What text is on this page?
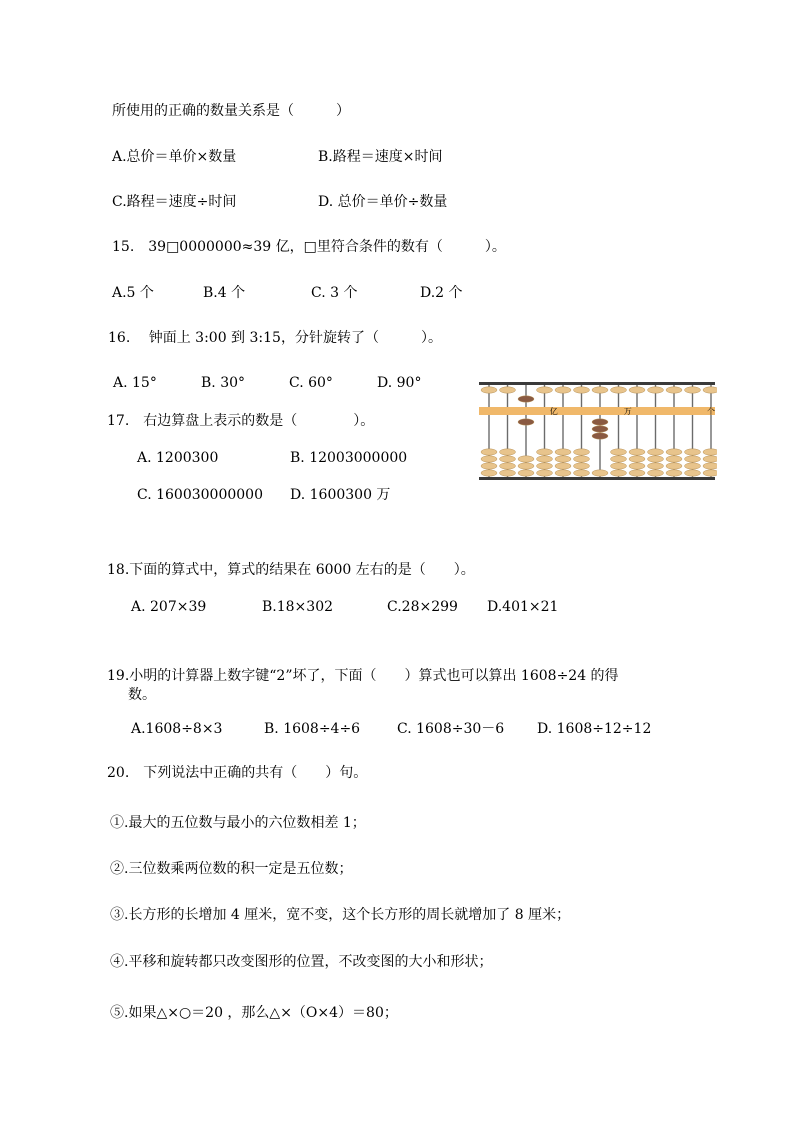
所使用的正确的数量关系是（　　　）
A.总价＝单价×数量	B.路程＝速度×时间
C.路程＝速度÷时间	D. 总价＝单价÷数量
15.　39□0000000≈39 亿，□里符合条件的数有（　　　）。
A.5 个	B.4 个	C. 3 个	D.2 个
16.　 钟面上 3:00 到 3:15，分针旋转了（　　　）。
A. 15°	B. 30°	C. 60°	D. 90°
17.　右边算盘上表示的数是（　　　　）。
A. 1200300	B. 12003000000
C. 160030000000 D. 1600300 万
亿	万	个
18.下面的算式中，算式的结果在 6000 左右的是（　　）。
A. 207×39	B.18×302	C.28×299 D.401×21
19.小明的计算器上数字键“2”坏了，下面（　　）算式也可以算出 1608÷24 的得
数。
A.1608÷8×3	B. 1608÷4÷6	C. 1608÷30－6 D. 1608÷12÷12
20.　下列说法中正确的共有（　　）句。
①.最大的五位数与最小的六位数相差 1；
②.三位数乘两位数的积一定是五位数；
③.长方形的长增加 4 厘米，宽不变，这个长方形的周长就增加了 8 厘米；
④.平移和旋转都只改变图形的位置，不改变图的大小和形状；
⑤.如果△×○＝20 ，那么△×（O×4）＝80；
